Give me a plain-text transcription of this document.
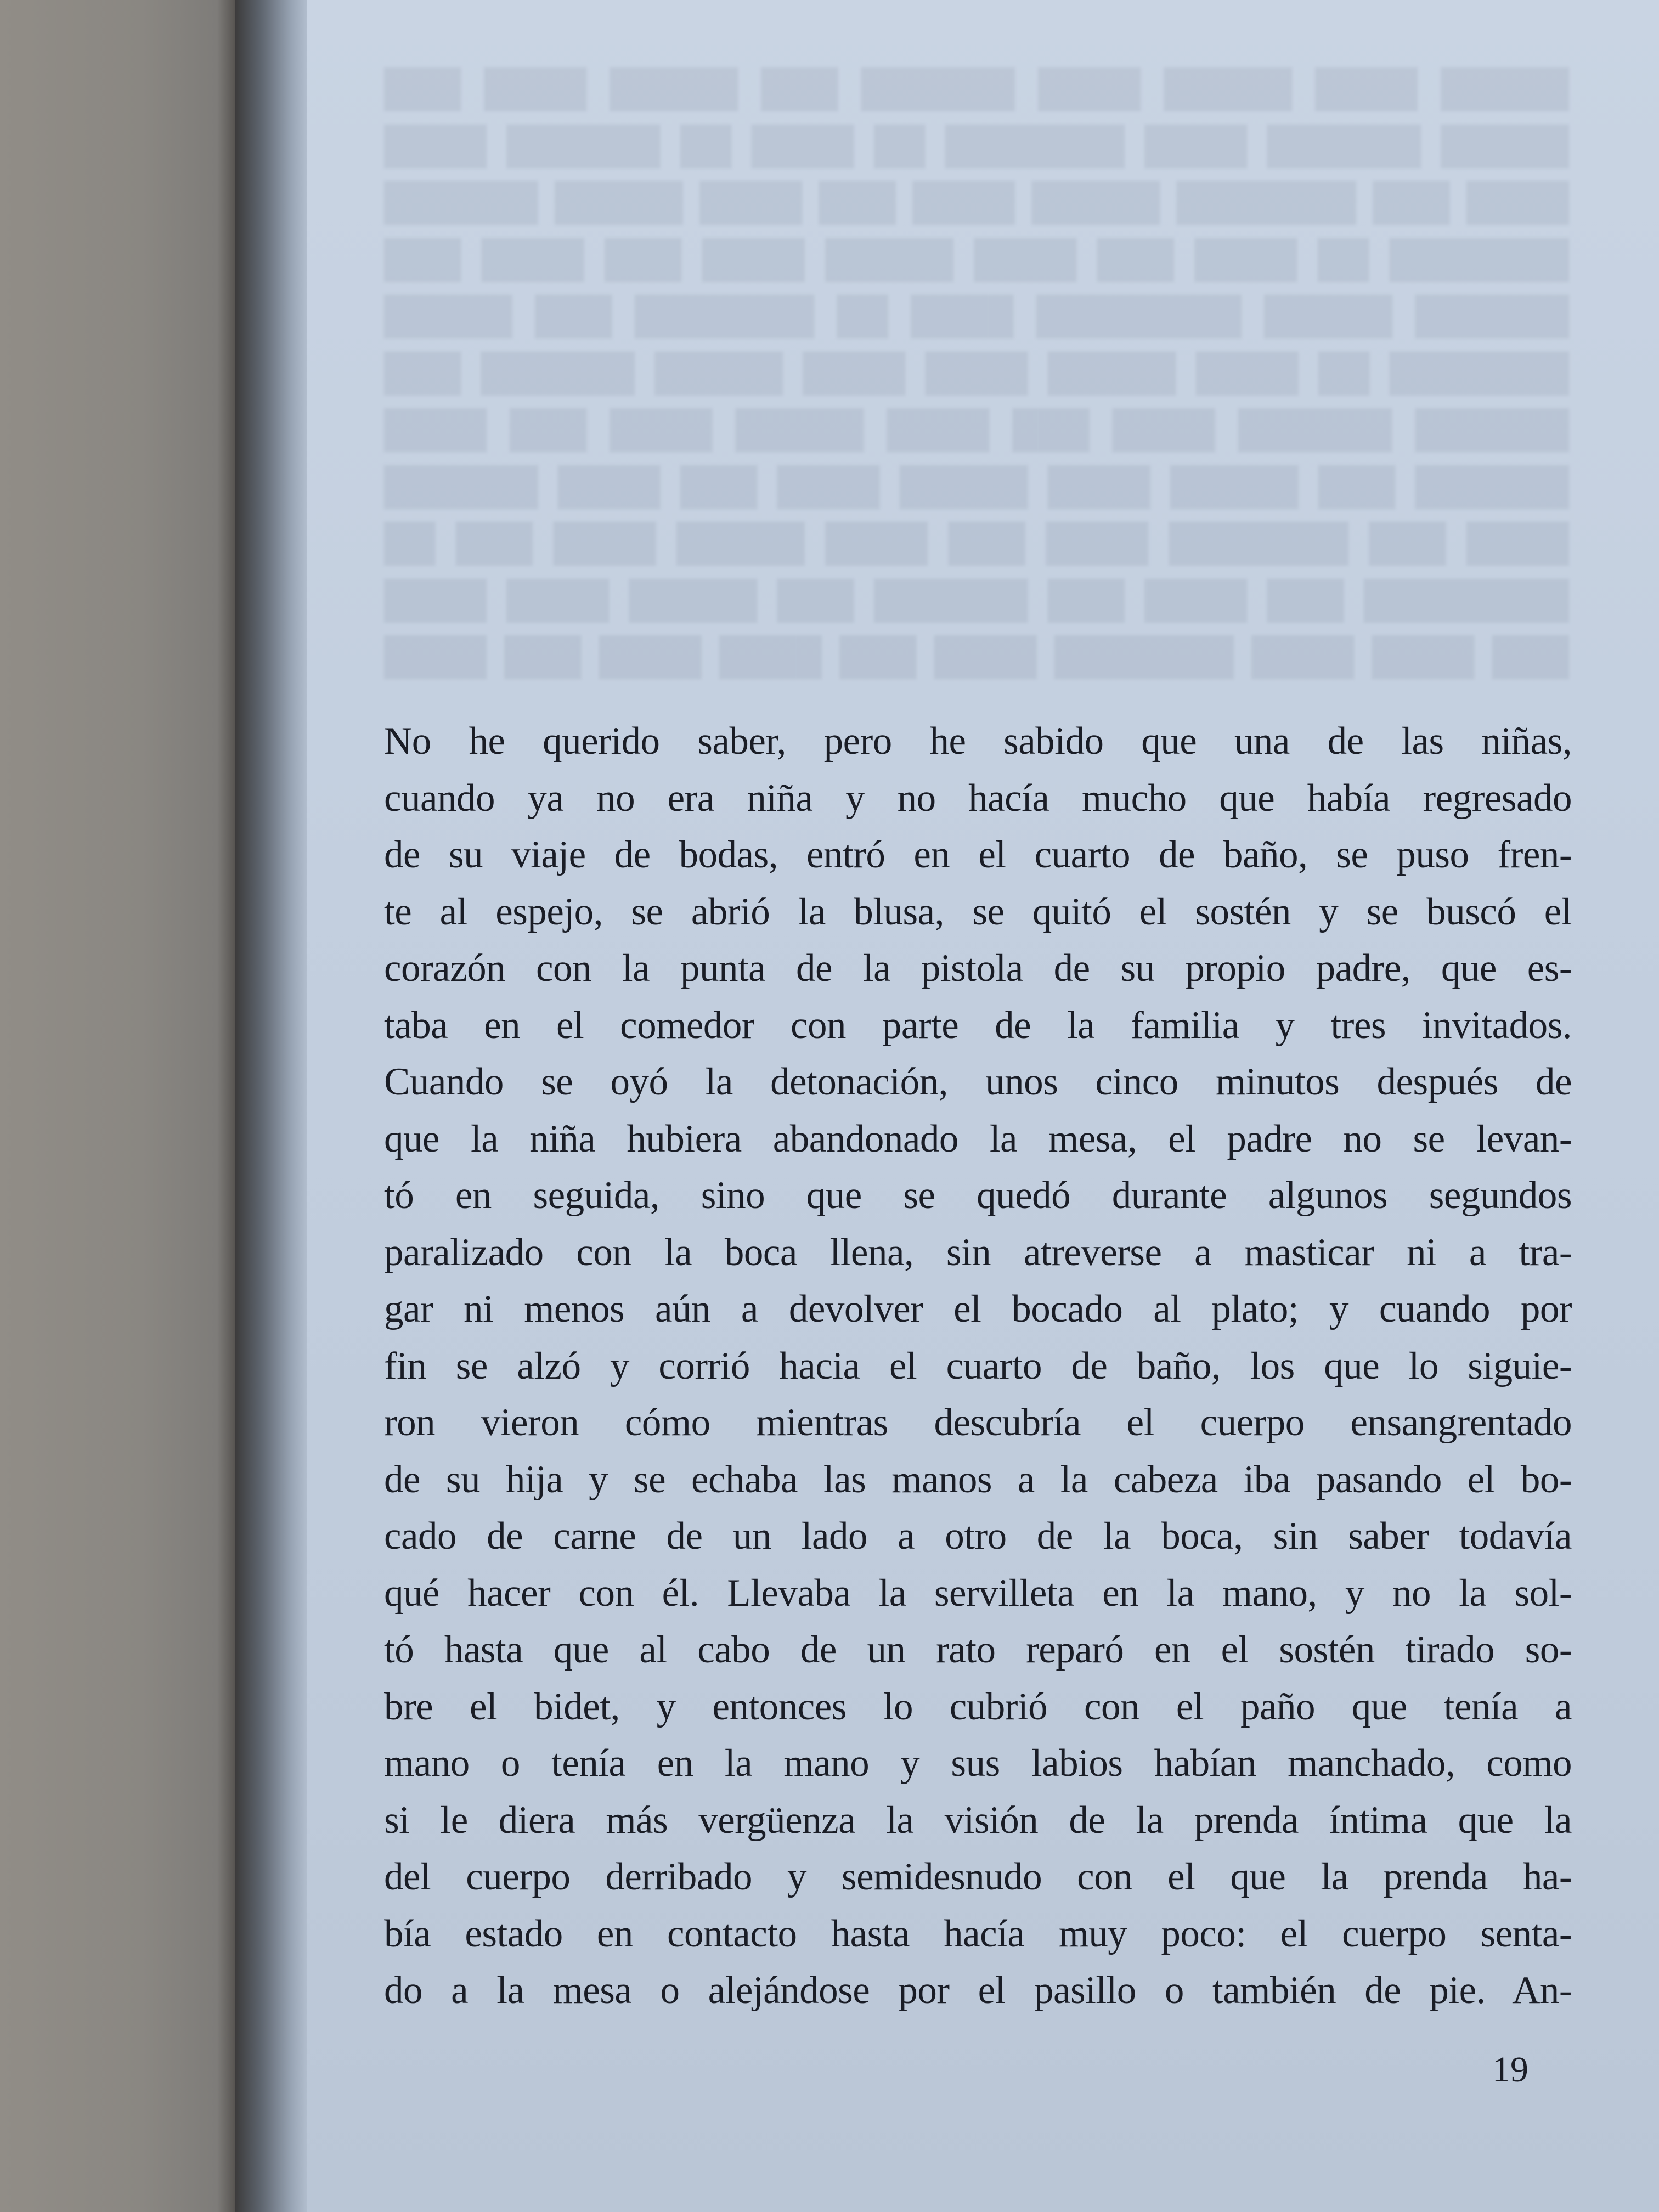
█████ ████ █████ ████ ██████ ███ █████ ████ ███
█████ ██████ ████ ███████ ██ ████ ██ ██████ ████
████ ███ ███████ █████ ████ ███ ████ █████ ██████
███████ ██ ████ ███ ████ █████ ████ ███ ████ ███
██████ █████ ████████ ████ ██ ███████ ███ █████
███████ ██ ████ █████ ████ ████ █████ ██████ ███
██████ ██████ ████ ███ ████ █████ ████ ███ ████
██████ ███ █████ ████ █████ ████ ███ ████ ██████
████ ███ ███████ ████ ███ ████ █████ ████ ███ ██
████████ ███ ████ ███ ██████ ███ █████ ████ ████
███ ████ ████ ███████ ████ ███ ████ ████ ███ ████
No he querido saber, pero he sabido que una de las niñas,
cuando ya no era niña y no hacía mucho que había regresado
de su viaje de bodas, entró en el cuarto de baño, se puso fren-
te al espejo, se abrió la blusa, se quitó el sostén y se buscó el
corazón con la punta de la pistola de su propio padre, que es-
taba en el comedor con parte de la familia y tres invitados.
Cuando se oyó la detonación, unos cinco minutos después de
que la niña hubiera abandonado la mesa, el padre no se levan-
tó en seguida, sino que se quedó durante algunos segundos
paralizado con la boca llena, sin atreverse a masticar ni a tra-
gar ni menos aún a devolver el bocado al plato; y cuando por
fin se alzó y corrió hacia el cuarto de baño, los que lo siguie-
ron vieron cómo mientras descubría el cuerpo ensangrentado
de su hija y se echaba las manos a la cabeza iba pasando el bo-
cado de carne de un lado a otro de la boca, sin saber todavía
qué hacer con él. Llevaba la servilleta en la mano, y no la sol-
tó hasta que al cabo de un rato reparó en el sostén tirado so-
bre el bidet, y entonces lo cubrió con el paño que tenía a
mano o tenía en la mano y sus labios habían manchado, como
si le diera más vergüenza la visión de la prenda íntima que la
del cuerpo derribado y semidesnudo con el que la prenda ha-
bía estado en contacto hasta hacía muy poco: el cuerpo senta-
do a la mesa o alejándose por el pasillo o también de pie. An-
19
